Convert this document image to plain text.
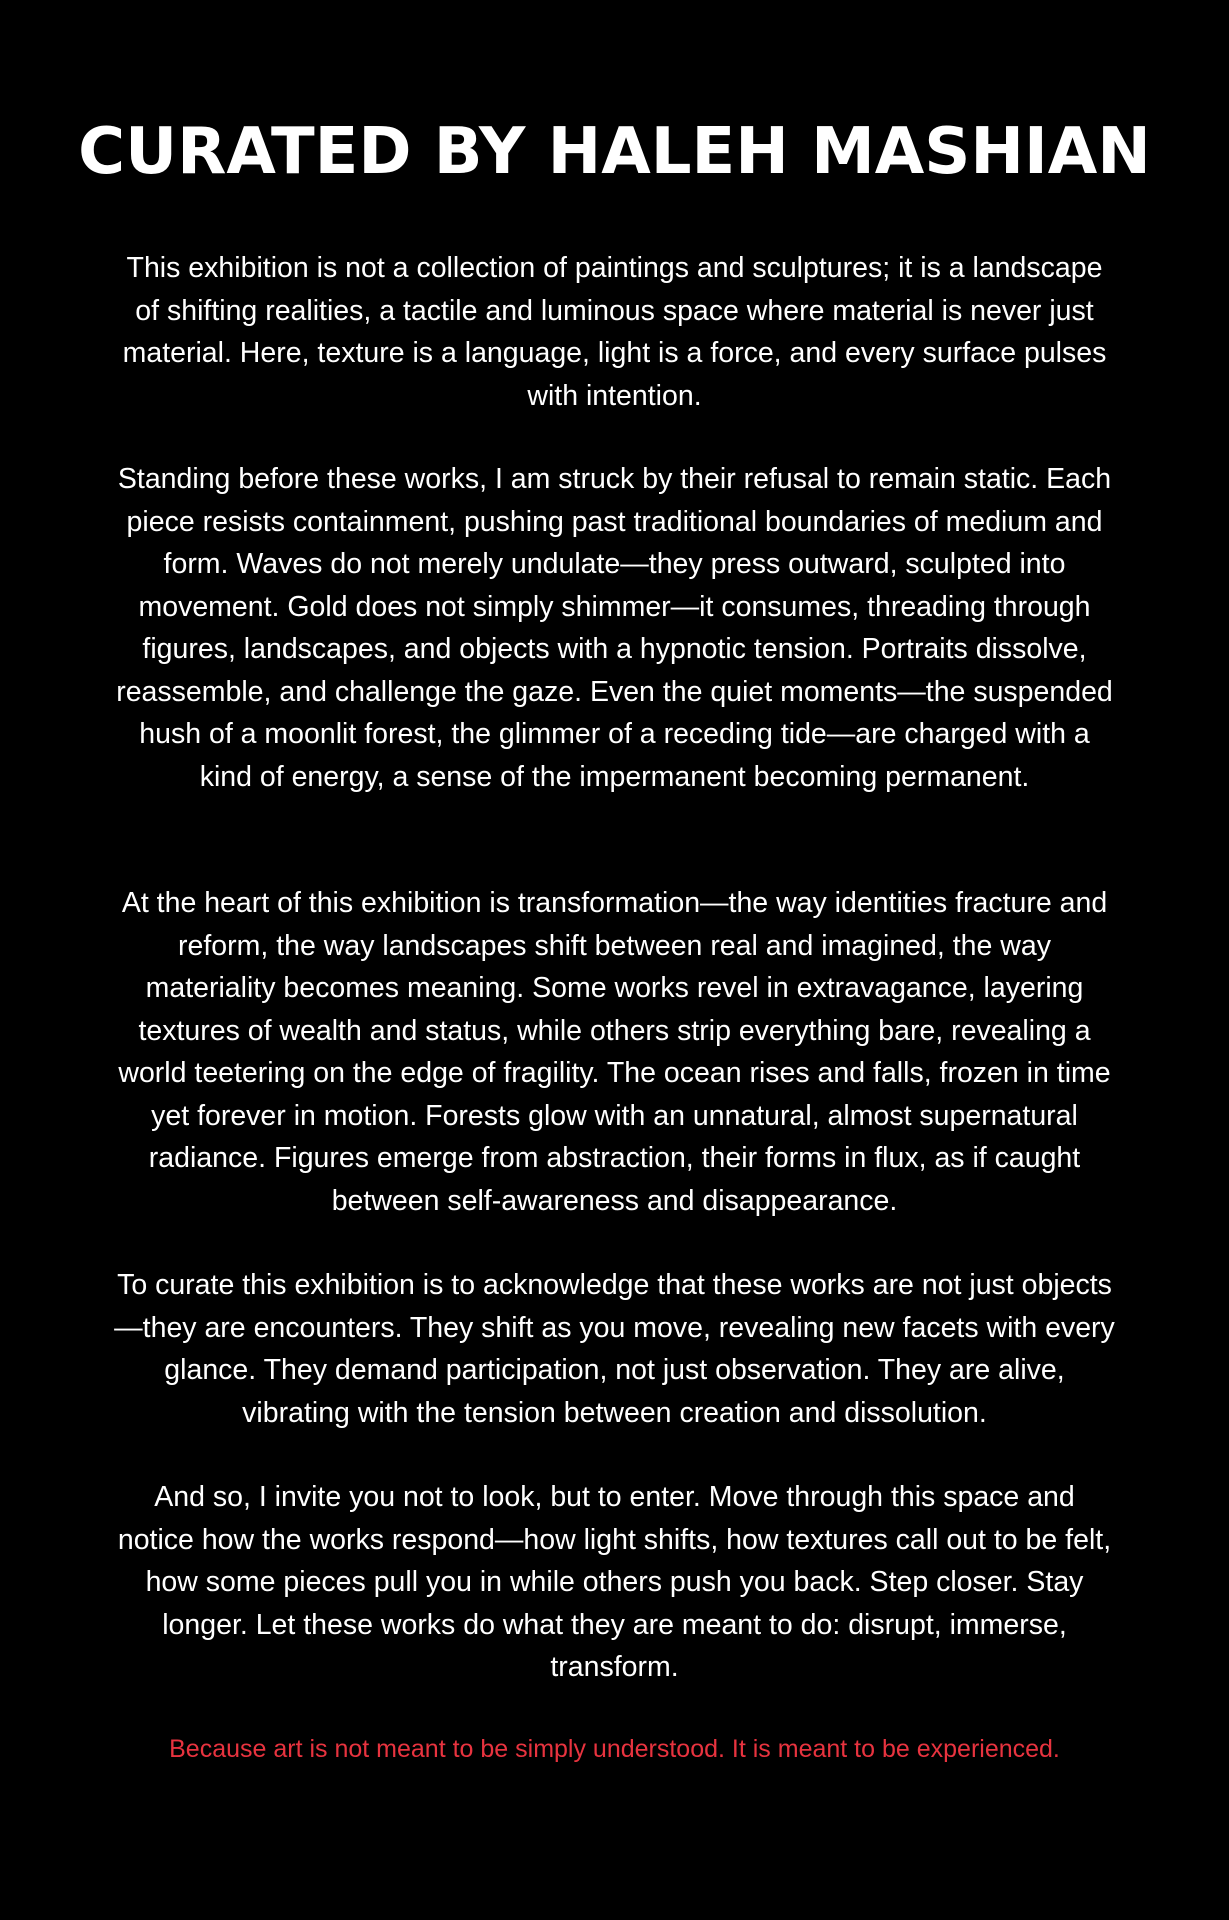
CURATED BY HALEH MASHIAN

This exhibition is not a collection of paintings and sculptures; it is a landscape of shifting realities, a tactile and luminous space where material is never just material. Here, texture is a language, light is a force, and every surface pulses with intention.

Standing before these works, I am struck by their refusal to remain static. Each piece resists containment, pushing past traditional boundaries of medium and form. Waves do not merely undulate—they press outward, sculpted into movement. Gold does not simply shimmer—it consumes, threading through figures, landscapes, and objects with a hypnotic tension. Portraits dissolve, reassemble, and challenge the gaze. Even the quiet moments—the suspended hush of a moonlit forest, the glimmer of a receding tide—are charged with a kind of energy, a sense of the impermanent becoming permanent.

At the heart of this exhibition is transformation—the way identities fracture and reform, the way landscapes shift between real and imagined, the way materiality becomes meaning. Some works revel in extravagance, layering textures of wealth and status, while others strip everything bare, revealing a world teetering on the edge of fragility. The ocean rises and falls, frozen in time yet forever in motion. Forests glow with an unnatural, almost supernatural radiance. Figures emerge from abstraction, their forms in flux, as if caught between self-awareness and disappearance.

To curate this exhibition is to acknowledge that these works are not just objects—they are encounters. They shift as you move, revealing new facets with every glance. They demand participation, not just observation. They are alive, vibrating with the tension between creation and dissolution.

And so, I invite you not to look, but to enter. Move through this space and notice how the works respond—how light shifts, how textures call out to be felt, how some pieces pull you in while others push you back. Step closer. Stay longer. Let these works do what they are meant to do: disrupt, immerse, transform.

Because art is not meant to be simply understood. It is meant to be experienced.
